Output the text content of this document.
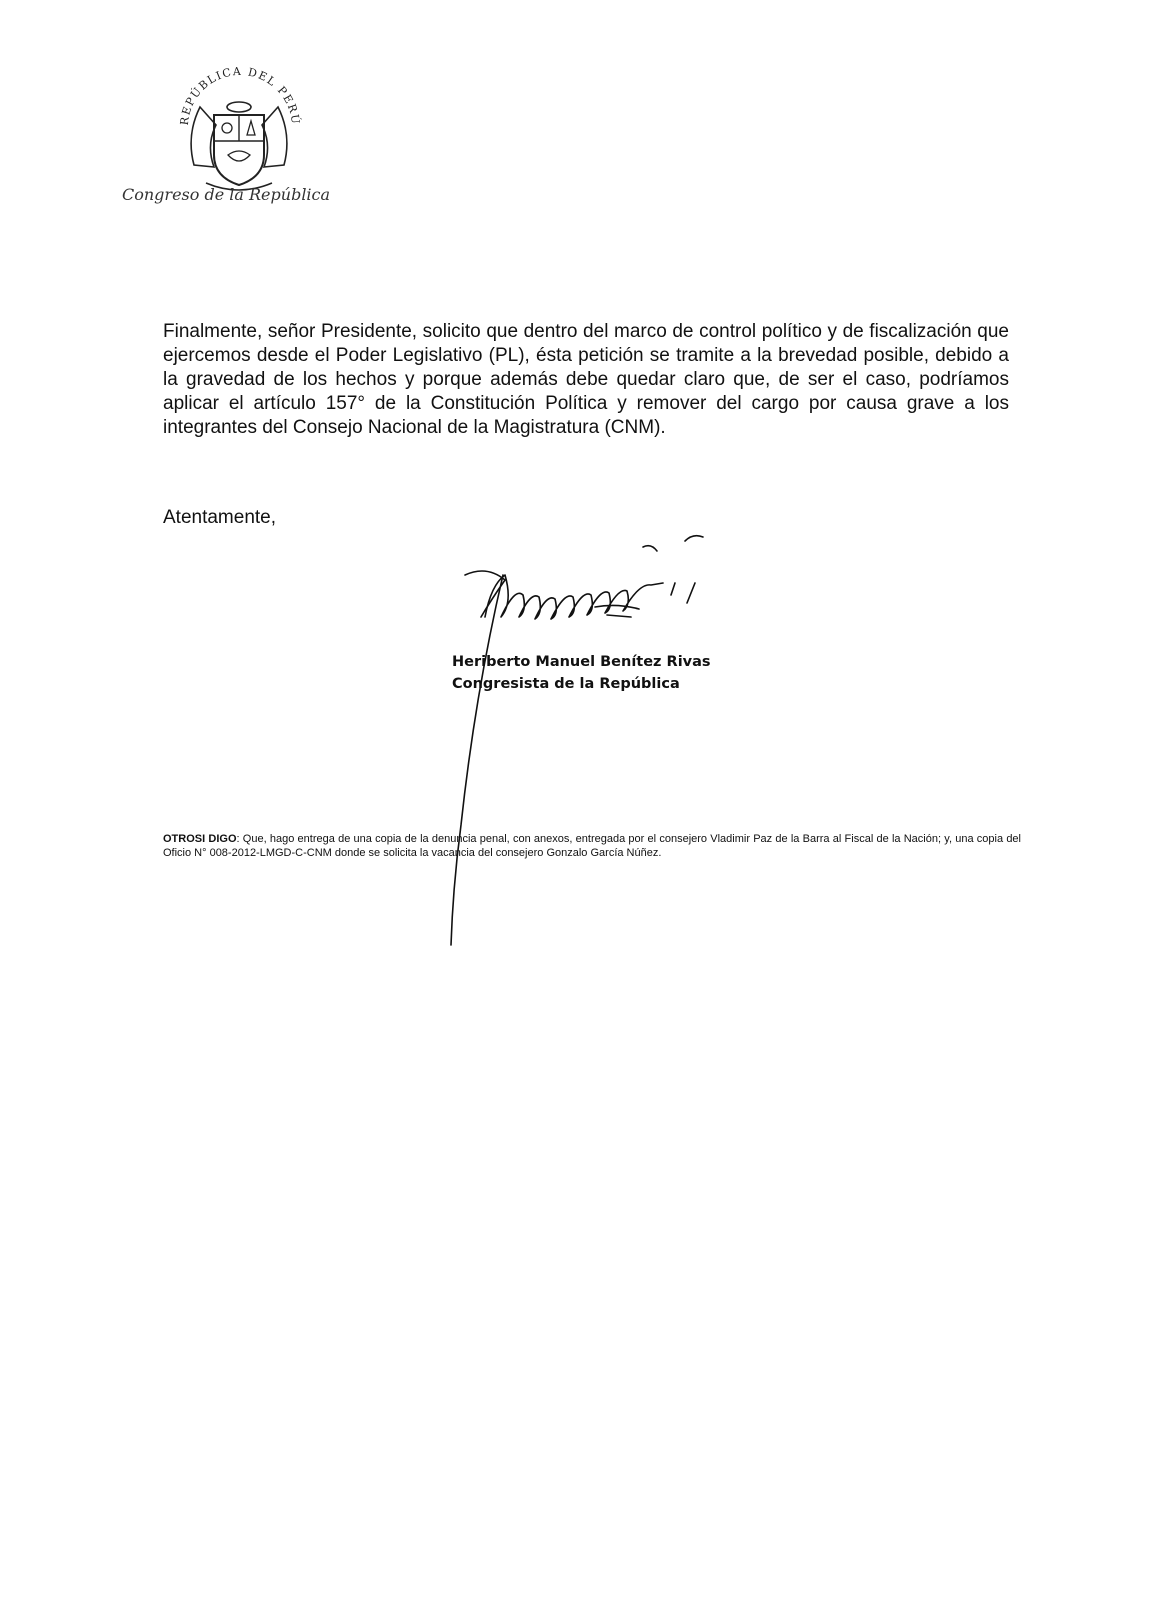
REPÚBLICA DEL PERÚ
Congreso de la República

Finalmente, señor Presidente, solicito que dentro del marco de control político y de fiscalización que ejercemos desde el Poder Legislativo (PL), ésta petición se tramite a la brevedad posible, debido a la gravedad de los hechos y porque además debe quedar claro que, de ser el caso, podríamos aplicar el artículo 157° de la Constitución Política y remover del cargo por causa grave a los integrantes del Consejo Nacional de la Magistratura (CNM).

Atentamente,

Heriberto Manuel Benítez Rivas
Congresista de la República

OTROSI DIGO: Que, hago entrega de una copia de la denuncia penal, con anexos, entregada por el consejero Vladimir Paz de la Barra al Fiscal de la Nación; y, una copia del Oficio N° 008-2012-LMGD-C-CNM donde se solicita la vacancia del consejero Gonzalo García Núñez.
